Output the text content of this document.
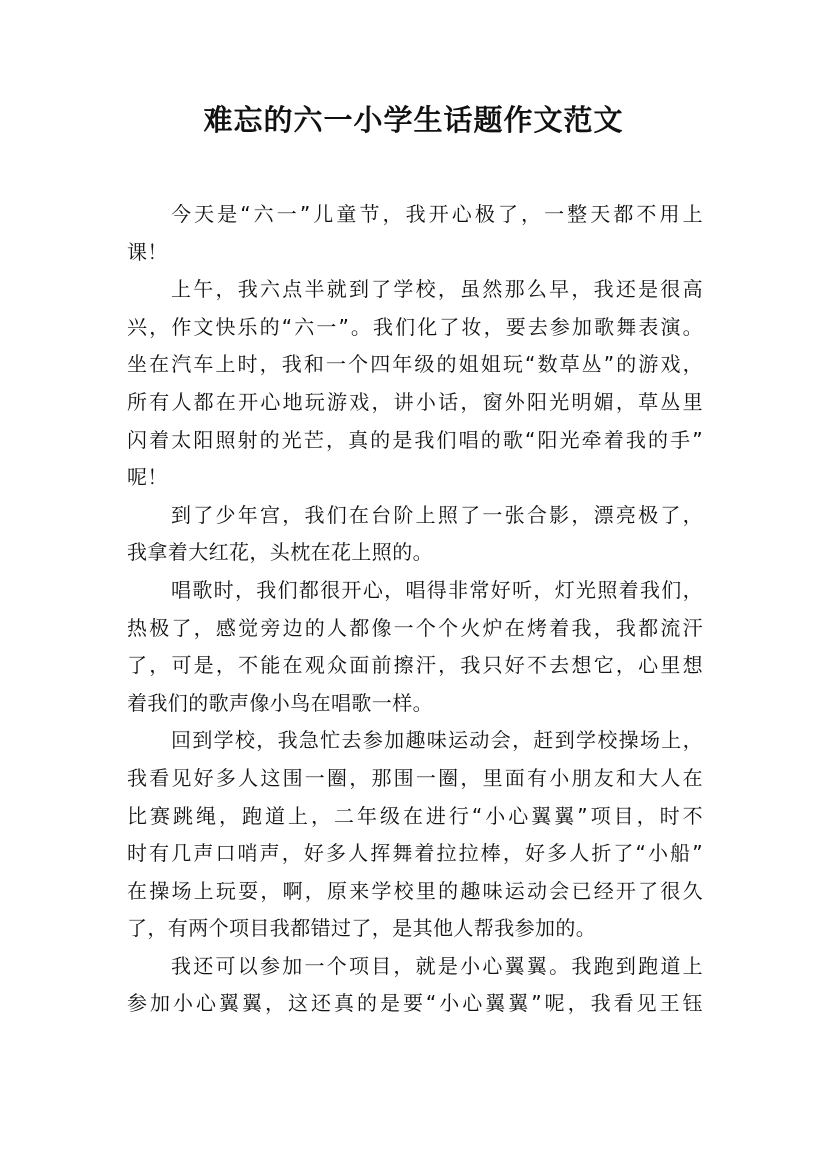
难忘的六一小学生话题作文范文
今天是“六一”儿童节，我开心极了，一整天都不用上
课！
上午，我六点半就到了学校，虽然那么早，我还是很高
兴，作文快乐的“六一”。我们化了妆，要去参加歌舞表演。
坐在汽车上时，我和一个四年级的姐姐玩“数草丛”的游戏，
所有人都在开心地玩游戏，讲小话，窗外阳光明媚，草丛里
闪着太阳照射的光芒，真的是我们唱的歌“阳光牵着我的手”
呢！
到了少年宫，我们在台阶上照了一张合影，漂亮极了，
我拿着大红花，头枕在花上照的。
唱歌时，我们都很开心，唱得非常好听，灯光照着我们，
热极了，感觉旁边的人都像一个个火炉在烤着我，我都流汗
了，可是，不能在观众面前擦汗，我只好不去想它，心里想
着我们的歌声像小鸟在唱歌一样。
回到学校，我急忙去参加趣味运动会，赶到学校操场上，
我看见好多人这围一圈，那围一圈，里面有小朋友和大人在
比赛跳绳，跑道上，二年级在进行“小心翼翼”项目，时不
时有几声口哨声，好多人挥舞着拉拉棒，好多人折了“小船”
在操场上玩耍，啊，原来学校里的趣味运动会已经开了很久
了，有两个项目我都错过了，是其他人帮我参加的。
我还可以参加一个项目，就是小心翼翼。我跑到跑道上
参加小心翼翼，这还真的是要“小心翼翼”呢，我看见王钰
